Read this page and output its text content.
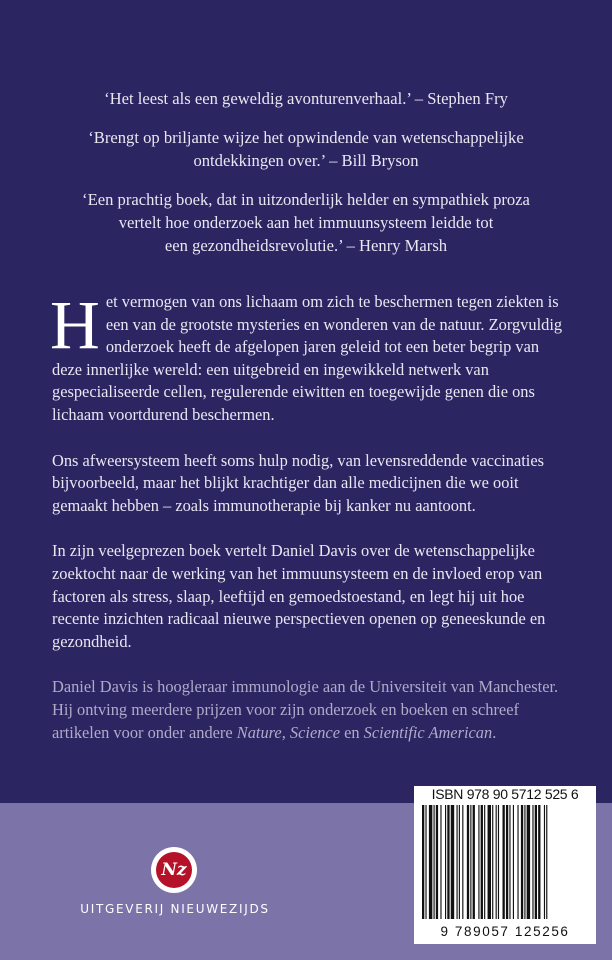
‘Het leest als een geweldig avonturenverhaal.’ – Stephen Fry

‘Brengt op briljante wijze het opwindende van wetenschappelijke
ontdekkingen over.’ – Bill Bryson

‘Een prachtig boek, dat in uitzonderlijk helder en sympathiek proza
vertelt hoe onderzoek aan het immuunsysteem leidde tot
een gezondheidsrevolutie.’ – Henry Marsh

Het vermogen van ons lichaam om zich te beschermen tegen ziekten is een van de grootste mysteries en wonderen van de natuur. Zorgvuldig onderzoek heeft de afgelopen jaren geleid tot een beter begrip van deze innerlijke wereld: een uitgebreid en ingewikkeld netwerk van gespecialiseerde cellen, regulerende eiwitten en toegewijde genen die ons lichaam voortdurend beschermen.

Ons afweersysteem heeft soms hulp nodig, van levensreddende vaccinaties bijvoorbeeld, maar het blijkt krachtiger dan alle medicijnen die we ooit gemaakt hebben – zoals immunotherapie bij kanker nu aantoont.

In zijn veelgeprezen boek vertelt Daniel Davis over de wetenschappelijke zoektocht naar de werking van het immuunsysteem en de invloed erop van factoren als stress, slaap, leeftijd en gemoedstoestand, en legt hij uit hoe recente inzichten radicaal nieuwe perspectieven openen op geneeskunde en gezondheid.

Daniel Davis is hoogleraar immunologie aan de Universiteit van Manchester. Hij ontving meerdere prijzen voor zijn onderzoek en boeken en schreef artikelen voor onder andere Nature, Science en Scientific American.

Nz
UITGEVERIJ NIEUWEZIJDS
ISBN 978 90 5712 525 6
9 789057 125256
